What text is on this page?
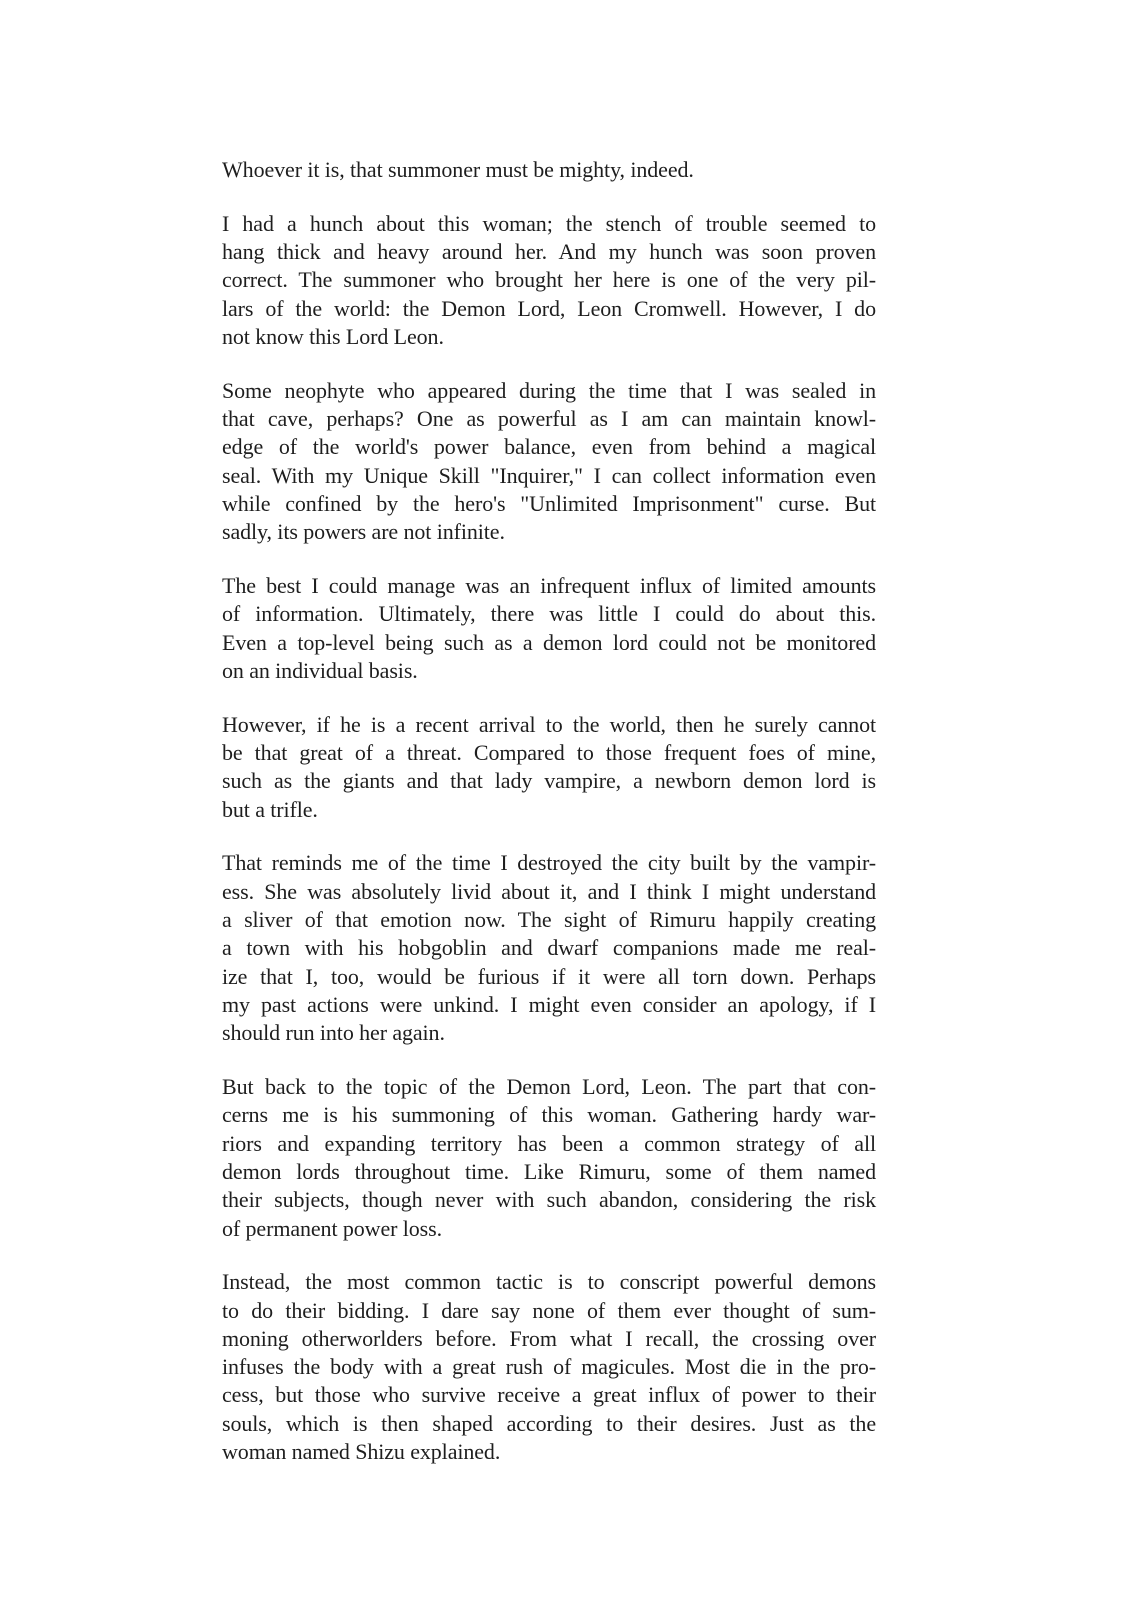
Whoever it is, that summoner must be mighty, indeed.

I had a hunch about this woman; the stench of trouble seemed to
hang thick and heavy around her. And my hunch was soon proven
correct. The summoner who brought her here is one of the very pil-
lars of the world: the Demon Lord, Leon Cromwell. However, I do
not know this Lord Leon.

Some neophyte who appeared during the time that I was sealed in
that cave, perhaps? One as powerful as I am can maintain knowl-
edge of the world's power balance, even from behind a magical
seal. With my Unique Skill "Inquirer," I can collect information even
while confined by the hero's "Unlimited Imprisonment" curse. But
sadly, its powers are not infinite.

The best I could manage was an infrequent influx of limited amounts
of information. Ultimately, there was little I could do about this.
Even a top-level being such as a demon lord could not be monitored
on an individual basis.

However, if he is a recent arrival to the world, then he surely cannot
be that great of a threat. Compared to those frequent foes of mine,
such as the giants and that lady vampire, a newborn demon lord is
but a trifle.

That reminds me of the time I destroyed the city built by the vampir-
ess. She was absolutely livid about it, and I think I might understand
a sliver of that emotion now. The sight of Rimuru happily creating
a town with his hobgoblin and dwarf companions made me real-
ize that I, too, would be furious if it were all torn down. Perhaps
my past actions were unkind. I might even consider an apology, if I
should run into her again.

But back to the topic of the Demon Lord, Leon. The part that con-
cerns me is his summoning of this woman. Gathering hardy war-
riors and expanding territory has been a common strategy of all
demon lords throughout time. Like Rimuru, some of them named
their subjects, though never with such abandon, considering the risk
of permanent power loss.

Instead, the most common tactic is to conscript powerful demons
to do their bidding. I dare say none of them ever thought of sum-
moning otherworlders before. From what I recall, the crossing over
infuses the body with a great rush of magicules. Most die in the pro-
cess, but those who survive receive a great influx of power to their
souls, which is then shaped according to their desires. Just as the
woman named Shizu explained.
